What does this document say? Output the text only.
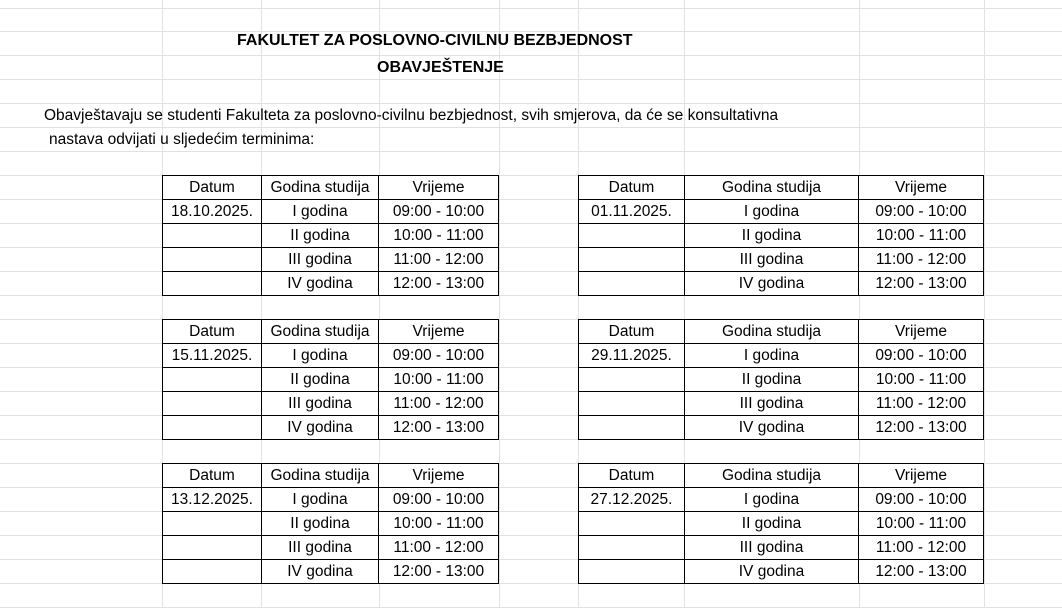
FAKULTET ZA POSLOVNO-CIVILNU BEZBJEDNOST
OBAVJEŠTENJE
Obavještavaju se studenti Fakulteta za poslovno-civilnu bezbjednost, svih smjerova, da će se konsultativna
nastava odvijati u sljedećim terminima:
Datum	Godina studija	Vrijeme
18.10.2025.	I godina	09:00 - 10:00
	II godina	10:00 - 11:00
	III godina	11:00 - 12:00
	IV godina	12:00 - 13:00
Datum	Godina studija	Vrijeme
01.11.2025.	I godina	09:00 - 10:00
	II godina	10:00 - 11:00
	III godina	11:00 - 12:00
	IV godina	12:00 - 13:00
Datum	Godina studija	Vrijeme
15.11.2025.	I godina	09:00 - 10:00
	II godina	10:00 - 11:00
	III godina	11:00 - 12:00
	IV godina	12:00 - 13:00
Datum	Godina studija	Vrijeme
29.11.2025.	I godina	09:00 - 10:00
	II godina	10:00 - 11:00
	III godina	11:00 - 12:00
	IV godina	12:00 - 13:00
Datum	Godina studija	Vrijeme
13.12.2025.	I godina	09:00 - 10:00
	II godina	10:00 - 11:00
	III godina	11:00 - 12:00
	IV godina	12:00 - 13:00
Datum	Godina studija	Vrijeme
27.12.2025.	I godina	09:00 - 10:00
	II godina	10:00 - 11:00
	III godina	11:00 - 12:00
	IV godina	12:00 - 13:00
